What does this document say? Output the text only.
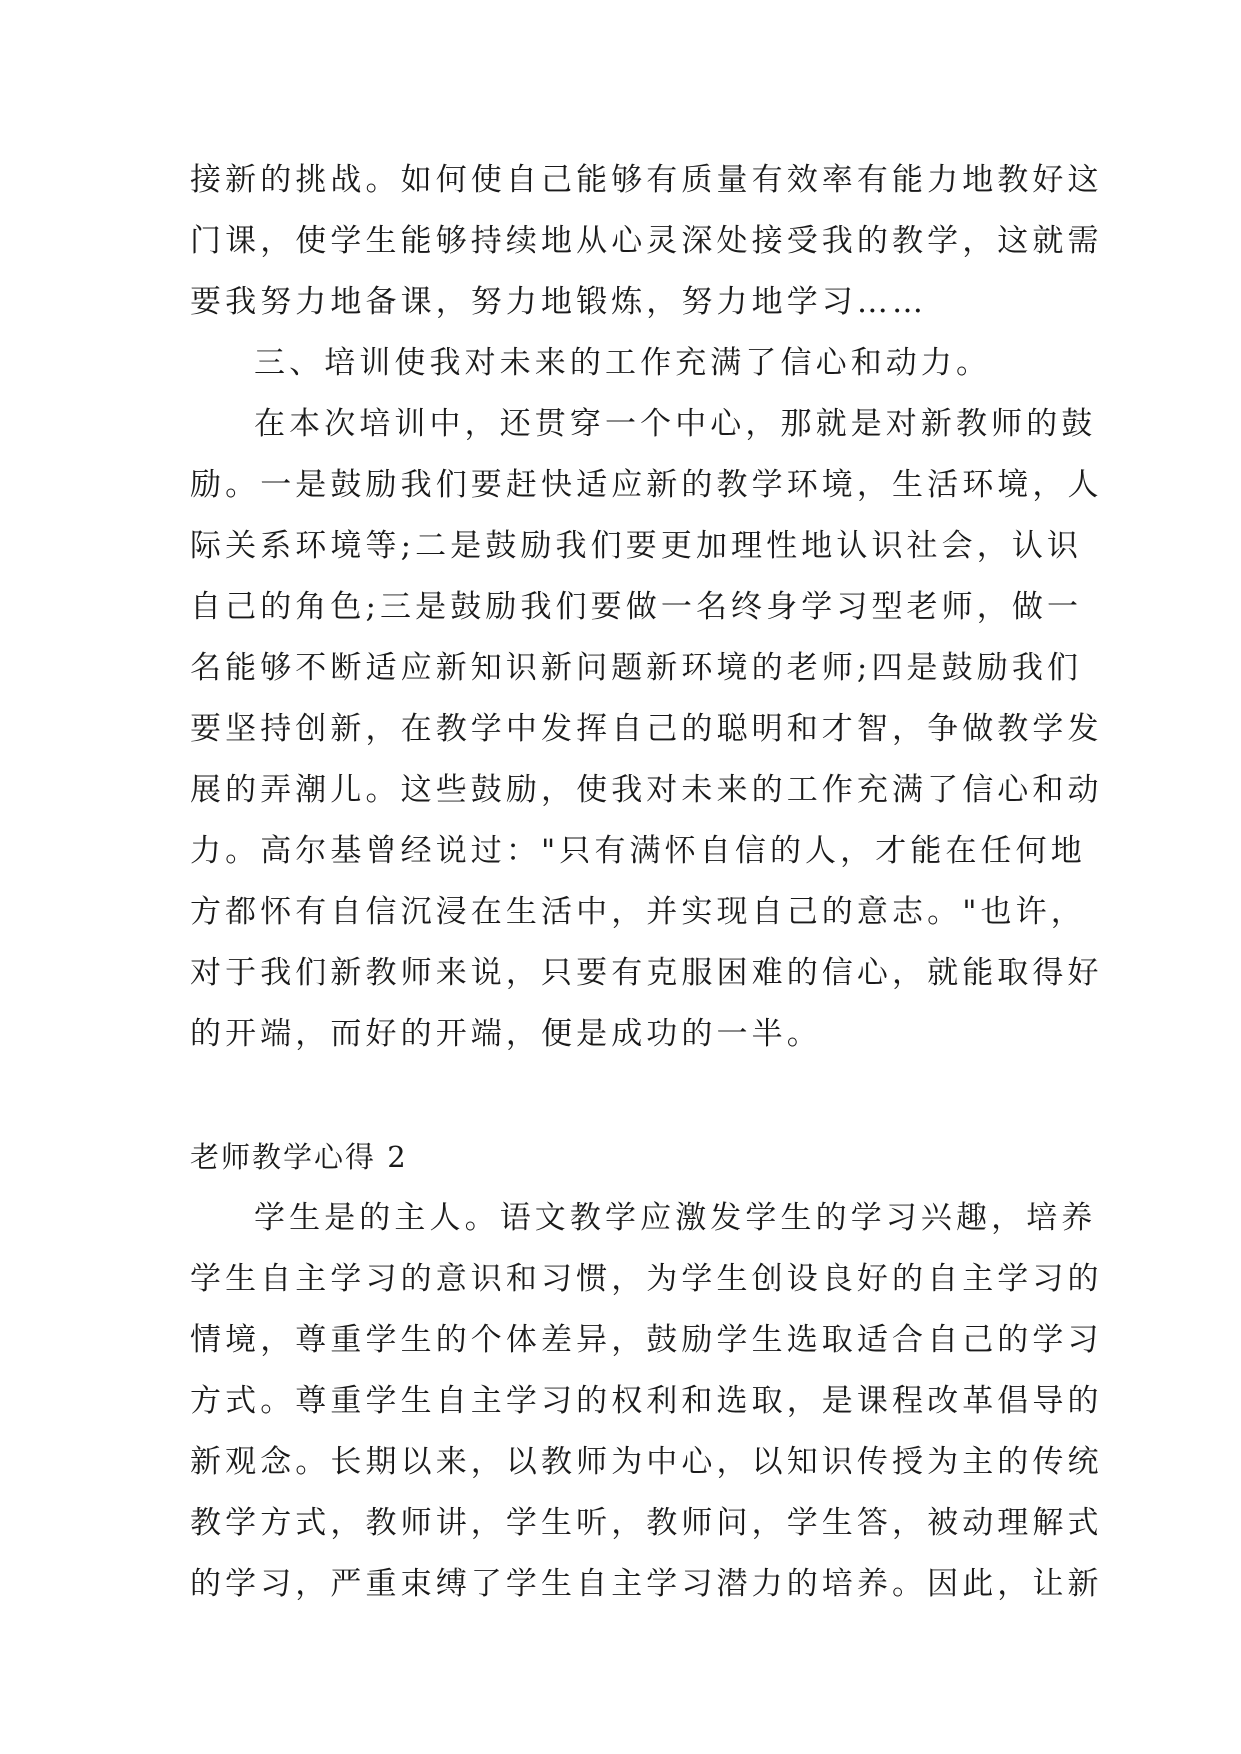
接新的挑战。如何使自己能够有质量有效率有能力地教好这
门课，使学生能够持续地从心灵深处接受我的教学，这就需
要我努力地备课，努力地锻炼，努力地学习……
三、培训使我对未来的工作充满了信心和动力。
在本次培训中，还贯穿一个中心，那就是对新教师的鼓
励。一是鼓励我们要赶快适应新的教学环境，生活环境，人
际关系环境等;二是鼓励我们要更加理性地认识社会，认识
自己的角色;三是鼓励我们要做一名终身学习型老师，做一
名能够不断适应新知识新问题新环境的老师;四是鼓励我们
要坚持创新，在教学中发挥自己的聪明和才智，争做教学发
展的弄潮儿。这些鼓励，使我对未来的工作充满了信心和动
力。高尔基曾经说过："只有满怀自信的人，才能在任何地
方都怀有自信沉浸在生活中，并实现自己的意志。"也许，
对于我们新教师来说，只要有克服困难的信心，就能取得好
的开端，而好的开端，便是成功的一半。
老师教学心得 2
学生是的主人。语文教学应激发学生的学习兴趣，培养
学生自主学习的意识和习惯，为学生创设良好的自主学习的
情境，尊重学生的个体差异，鼓励学生选取适合自己的学习
方式。尊重学生自主学习的权利和选取，是课程改革倡导的
新观念。长期以来，以教师为中心，以知识传授为主的传统
教学方式，教师讲，学生听，教师问，学生答，被动理解式
的学习，严重束缚了学生自主学习潜力的培养。因此，让新
